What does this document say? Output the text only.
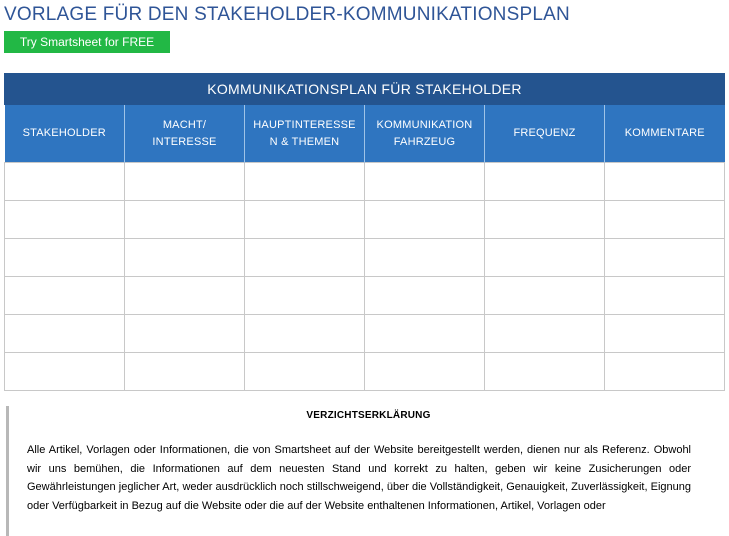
VORLAGE FÜR DEN STAKEHOLDER-KOMMUNIKATIONSPLAN
Try Smartsheet for FREE
KOMMUNIKATIONSPLAN FÜR STAKEHOLDER
STAKEHOLDER	MACHT/ INTERESSE	HAUPTINTERESSE N & THEMEN	KOMMUNIKATION FAHRZEUG	FREQUENZ	KOMMENTARE

VERZICHTSERKLÄRUNG
Alle Artikel, Vorlagen oder Informationen, die von Smartsheet auf der Website bereitgestellt werden, dienen nur als Referenz. Obwohl wir uns bemühen, die Informationen auf dem neuesten Stand und korrekt zu halten, geben wir keine Zusicherungen oder Gewährleistungen jeglicher Art, weder ausdrücklich noch stillschweigend, über die Vollständigkeit, Genauigkeit, Zuverlässigkeit, Eignung oder Verfügbarkeit in Bezug auf die Website oder die auf der Website enthaltenen Informationen, Artikel, Vorlagen oder
